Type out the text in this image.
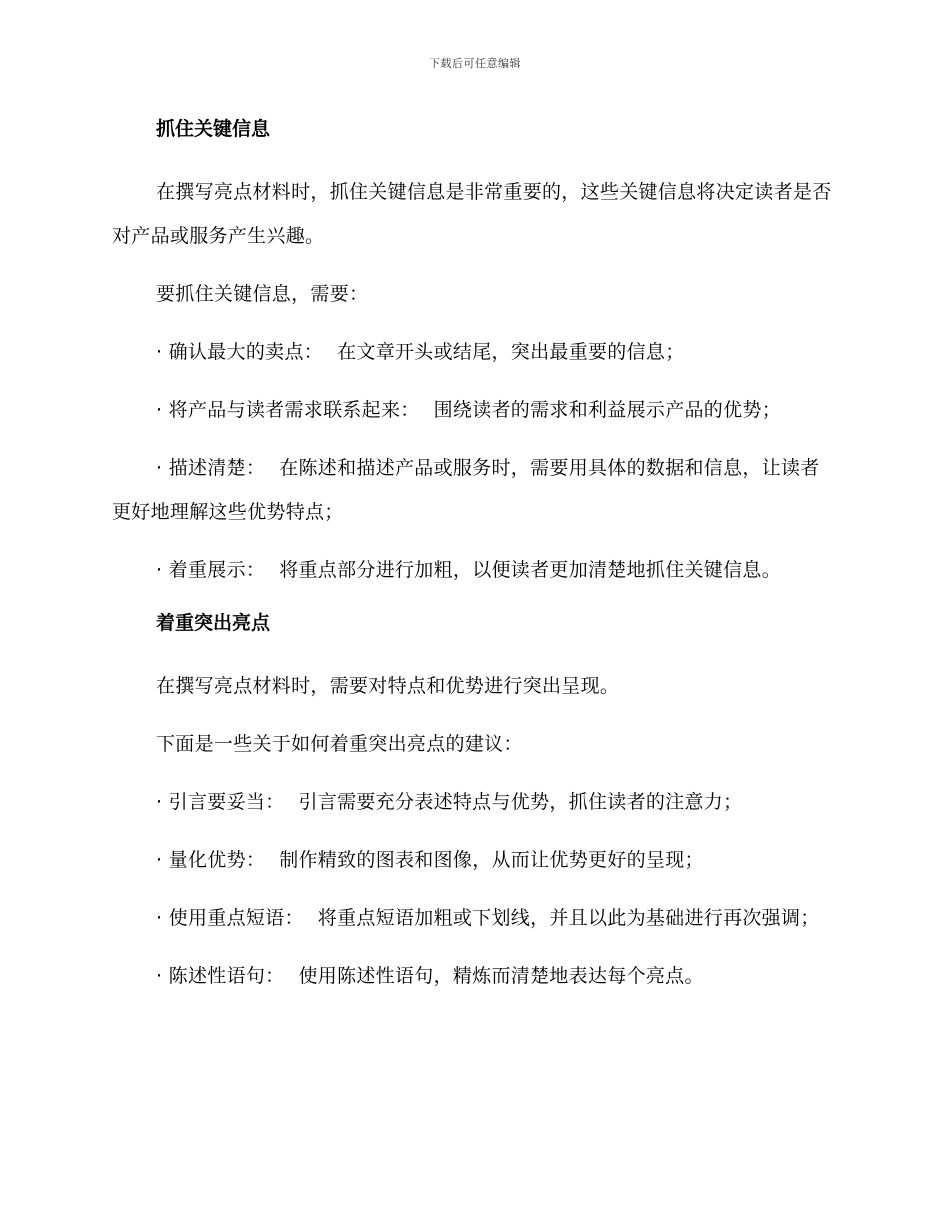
下载后可任意编辑
抓住关键信息

在撰写亮点材料时，抓住关键信息是非常重要的，这些关键信息将决定读者是否对产品或服务产生兴趣。

要抓住关键信息，需要：

· 确认最大的卖点： 在文章开头或结尾，突出最重要的信息；

· 将产品与读者需求联系起来： 围绕读者的需求和利益展示产品的优势；

· 描述清楚： 在陈述和描述产品或服务时，需要用具体的数据和信息，让读者更好地理解这些优势特点；

· 着重展示： 将重点部分进行加粗，以便读者更加清楚地抓住关键信息。

着重突出亮点

在撰写亮点材料时，需要对特点和优势进行突出呈现。

下面是一些关于如何着重突出亮点的建议：

· 引言要妥当： 引言需要充分表述特点与优势，抓住读者的注意力；

· 量化优势： 制作精致的图表和图像，从而让优势更好的呈现；

· 使用重点短语： 将重点短语加粗或下划线，并且以此为基础进行再次强调；

· 陈述性语句： 使用陈述性语句，精炼而清楚地表达每个亮点。
